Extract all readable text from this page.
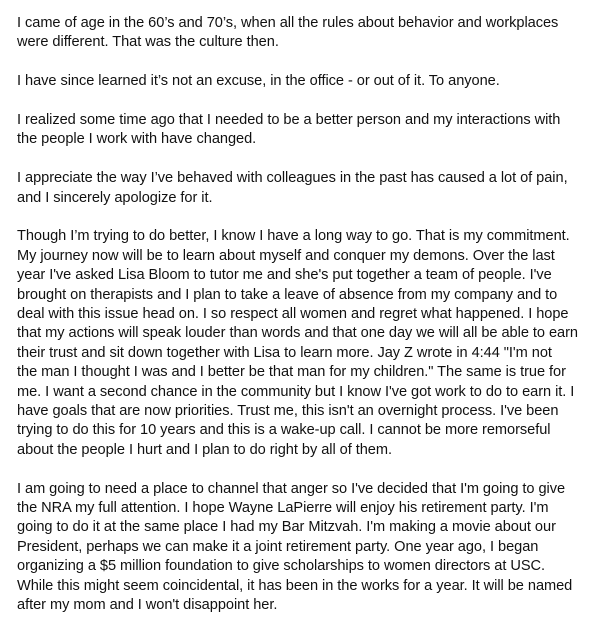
I came of age in the 60’s and 70’s, when all the rules about behavior and workplaces
were different. That was the culture then.

I have since learned it’s not an excuse, in the office - or out of it. To anyone.

I realized some time ago that I needed to be a better person and my interactions with
the people I work with have changed.

I appreciate the way I’ve behaved with colleagues in the past has caused a lot of pain,
and I sincerely apologize for it.

Though I’m trying to do better, I know I have a long way to go. That is my commitment.
My journey now will be to learn about myself and conquer my demons. Over the last
year I've asked Lisa Bloom to tutor me and she's put together a team of people. I've
brought on therapists and I plan to take a leave of absence from my company and to
deal with this issue head on. I so respect all women and regret what happened. I hope
that my actions will speak louder than words and that one day we will all be able to earn
their trust and sit down together with Lisa to learn more. Jay Z wrote in 4:44 "I'm not
the man I thought I was and I better be that man for my children." The same is true for
me. I want a second chance in the community but I know I've got work to do to earn it. I
have goals that are now priorities. Trust me, this isn't an overnight process. I've been
trying to do this for 10 years and this is a wake-up call. I cannot be more remorseful
about the people I hurt and I plan to do right by all of them.

I am going to need a place to channel that anger so I've decided that I'm going to give
the NRA my full attention. I hope Wayne LaPierre will enjoy his retirement party. I'm
going to do it at the same place I had my Bar Mitzvah. I'm making a movie about our
President, perhaps we can make it a joint retirement party. One year ago, I began
organizing a $5 million foundation to give scholarships to women directors at USC.
While this might seem coincidental, it has been in the works for a year. It will be named
after my mom and I won't disappoint her.
